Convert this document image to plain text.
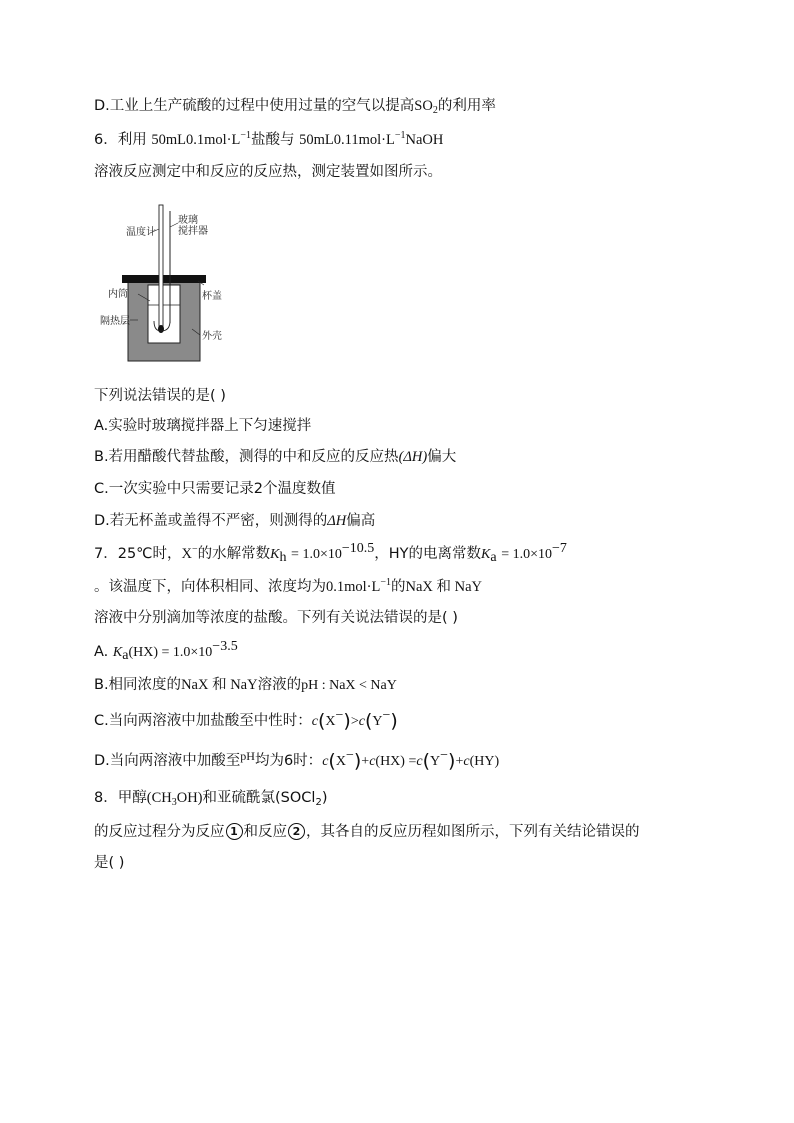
D.工业上生产硫酸的过程中使用过量的空气以提高$SO_2$的利用率
6．利用 $50mL0.1mol\cdot L^{-1}$盐酸与 $50mL0.11mol\cdot L^{-1}NaOH$
溶液反应测定中和反应的反应热，测定装置如图所示。
温度计
玻璃
搅拌器
内筒	杯盖
隔热层
外壳
下列说法错误的是( )
A.实验时玻璃搅拌器上下匀速搅拌
B.若用醋酸代替盐酸，测得的中和反应的反应热(ΔH)偏大
C.一次实验中只需要记录2个温度数值
D.若无杯盖或盖得不严密，则测得的ΔH偏高
7．25℃时，X−的水解常数$K_h = 1.0\times 10^{-10.5}$，HY的电离常数$K_a = 1.0\times 10^{-7}$
。该温度下，向体积相同、浓度均为$0.1mol\cdot L^{-1}$的NaX 和 NaY
溶液中分别滴加等浓度的盐酸。下列有关说法错误的是( )
A. $K_a(HX) = 1.0\times 10^{-3.5}$
B.相同浓度的NaX 和 NaY溶液的pH : NaX < NaY
C.当向两溶液中加盐酸至中性时：c(X−)>c(Y−)
D.当向两溶液中加酸至$^{pH}$均为6时：c(X−)+c(HX) =c(Y−)+c(HY)
8．甲醇$(CH_3OH)$和亚硫酰氯(SOCl$_2$)
的反应过程分为反应 1 和反应 2 ，其各自的反应历程如图所示，下列有关结论错误的
是( )
